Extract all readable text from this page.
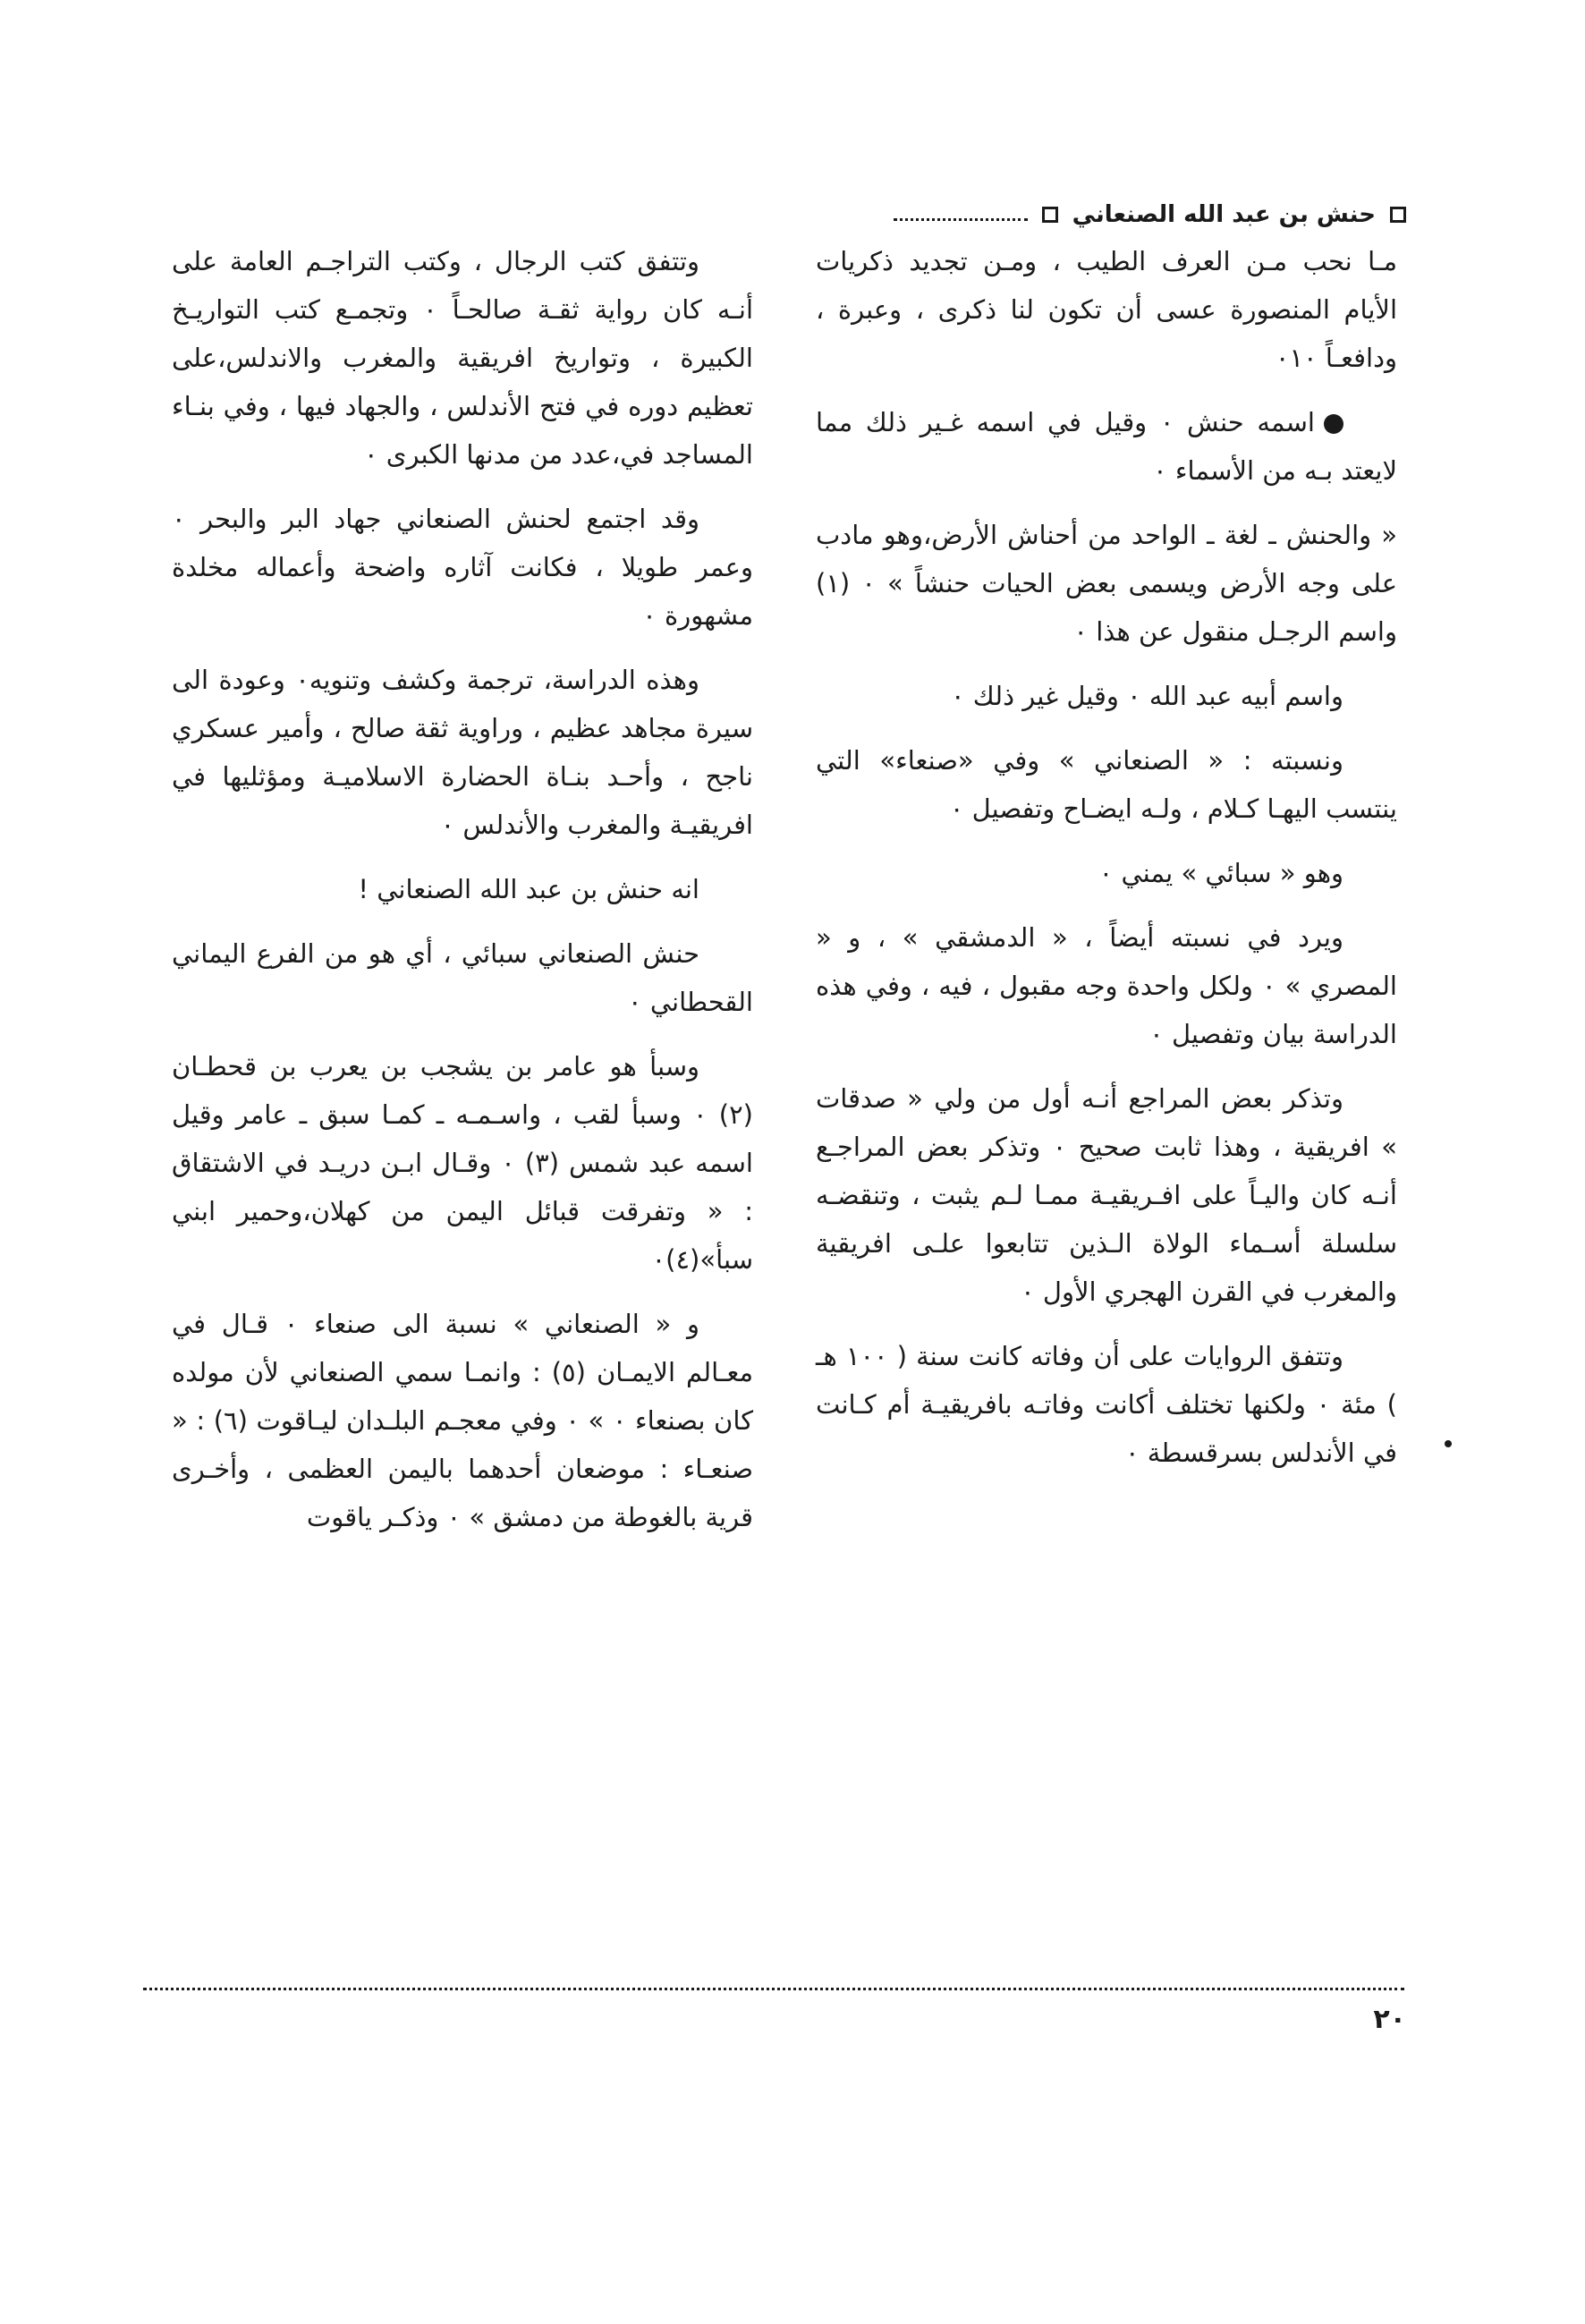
حنش بن عبد الله الصنعاني

مـا نحب مـن العرف الطيب ، ومـن تجديد ذكريات الأيام المنصورة عسى أن تكون لنا ذكرى ، وعبرة ، ودافعـاً ٠١٠

اسمه حنش ٠ وقيل في اسمه غـير ذلك مما لايعتد بـه من الأسماء ٠

« والحنش ـ لغة ـ الواحد من أحناش الأرض،وهو مادب على وجه الأرض ويسمى بعض الحيات حنشاً » ٠ (١) واسم الرجـل منقول عن هذا ٠

واسم أبيه عبد الله ٠ وقيل غير ذلك ٠

ونسبته : « الصنعاني » وفي «صنعاء» التي ينتسب اليهـا كـلام ، ولـه ايضـاح وتفصيل ٠

وهو « سبائي » يمني ٠

ويرد في نسبته أيضاً ، « الدمشقي » ، و « المصري » ٠ ولكل واحدة وجه مقبول ، فيه ، وفي هذه الدراسة بيان وتفصيل ٠

وتذكر بعض المراجع أنـه أول من ولي « صدقات » افريقية ، وهذا ثابت صحيح ٠ وتذكر بعض المراجـع أنـه كان واليـاً على افـريقيـة ممـا لـم يثبت ، وتنقضـه سلسلة أسـماء الولاة الـذين تتابعوا علـى افريقية والمغرب في القرن الهجري الأول ٠

وتتفق الروايات على أن وفاته كانت سنة ( ١٠٠ هـ ) مئة ٠ ولكنها تختلف أكانت وفاتـه بافريقيـة أم كـانت في الأندلس بسرقسطة ٠

وتتفق كتب الرجال ، وكتب التراجـم العامة على أنـه كان رواية ثقـة صالحـاً ٠ وتجمـع كتب التواريـخ الكبيرة ، وتواريخ افريقية والمغرب والاندلس،على تعظيم دوره في فتح الأندلس ، والجهاد فيها ، وفي بنـاء المساجد في،عدد من مدنها الكبرى ٠

وقد اجتمع لحنش الصنعاني جهاد البر والبحر ٠ وعمر طويلا ، فكانت آثاره واضحة وأعماله مخلدة مشهورة ٠

وهذه الدراسة، ترجمة وكشف وتنويه٠ وعودة الى سيرة مجاهد عظيم ، وراوية ثقة صالح ، وأمير عسكري ناجح ، وأحـد بنـاة الحضارة الاسلاميـة ومؤثليها في افريقيـة والمغرب والأندلس ٠

انه حنش بن عبد الله الصنعاني !

حنش الصنعاني سبائي ، أي هو من الفرع اليماني القحطاني ٠

وسبأ هو عامر بن يشجب بن يعرب بن قحطـان (٢) ٠ وسبأ لقب ، واسـمـه ـ كمـا سبق ـ عامر وقيل اسمه عبد شمس (٣) ٠ وقـال ابـن دريـد في الاشتقاق : « وتفرقت قبائل اليمن من كهلان،وحمير ابني سبأ»(٤)٠

و « الصنعاني » نسبة الى صنعاء ٠ قـال في معـالم الايمـان (٥) : وانمـا سمي الصنعاني لأن مولده كان بصنعاء ٠ » ٠ وفي معجـم البلـدان ليـاقوت (٦) : « صنعـاء : موضعان أحدهما باليمن العظمى ، وأخـرى قرية بالغوطة من دمشق » ٠ وذكـر ياقوت

٢٠
